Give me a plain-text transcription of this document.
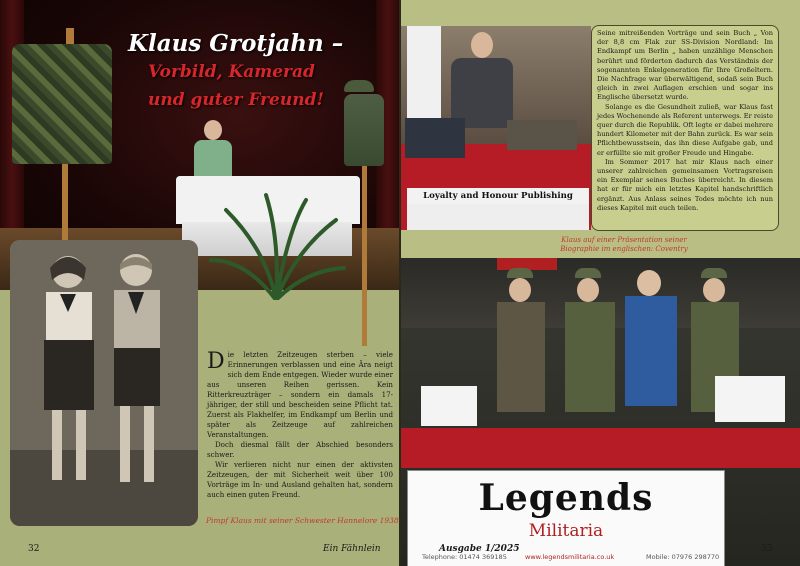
Klaus Grotjahn –
Vorbild, Kamerad
und guter Freund!
Pimpf Klaus mit seiner Schwester Hannelore 1938

Die letzten Zeitzeugen sterben – viele Erinnerungen verblassen und eine Ära neigt sich dem Ende entgegen. Wieder wurde einer aus unseren Reihen gerissen. Kein Ritterkreuzträger – sondern ein damals 17-jähriger, der still und bescheiden seine Pflicht tat. Zuerst als Flakhelfer, im Endkampf um Berlin und später als Zeitzeuge auf zahlreichen Veranstaltungen.

Doch diesmal fällt der Abschied besonders schwer.

Wir verlieren nicht nur einen der aktivsten Zeitzeugen, der mit Sicherheit weit über 100 Vorträge im In- und Ausland gehalten hat, sondern auch einen guten Freund.

32	Ein Fähnlein
Loyalty and Honour Publishing

Seine mitreißenden Vorträge und sein Buch „ Von der 8,8 cm Flak zur SS-Division Nordland: Im Endkampf um Berlin „ haben unzählige Menschen berührt und förderten dadurch das Verständnis der sogenannten Enkelgeneration für Ihre Großeltern. Die Nachfrage war überwältigend, sodaß sein Buch gleich in zwei Auflagen erschien und sogar ins Englische übersetzt wurde.

Solange es die Gesundheit zuließ, war Klaus fast jedes Wochenende als Referent unterwegs. Er reiste quer durch die Republik. Oft legte er dabei mehrere hundert Kilometer mit der Bahn zurück. Es war sein Pflichtbewusstsein, das ihn diese Aufgabe gab, und er erfüllte sie mit großer Freude und Hingabe.

Im Sommer 2017 hat mir Klaus nach einer unserer zahlreichen gemeinsamen Vortragsreisen ein Exemplar seines Buches überreicht. In diesem hat er für mich ein letztes Kapitel handschriftlich ergänzt. Aus Anlass seines Todes möchte ich nun dieses Kapitel mit euch teilen.

Klaus auf einer Präsentation seiner Biographie im englischen: Coventry
Legends
Militaria
Telephone: 01474 369185	www.legendsmilitaria.co.uk	Mobile: 07976 298770
Ausgabe 1/2025	33
